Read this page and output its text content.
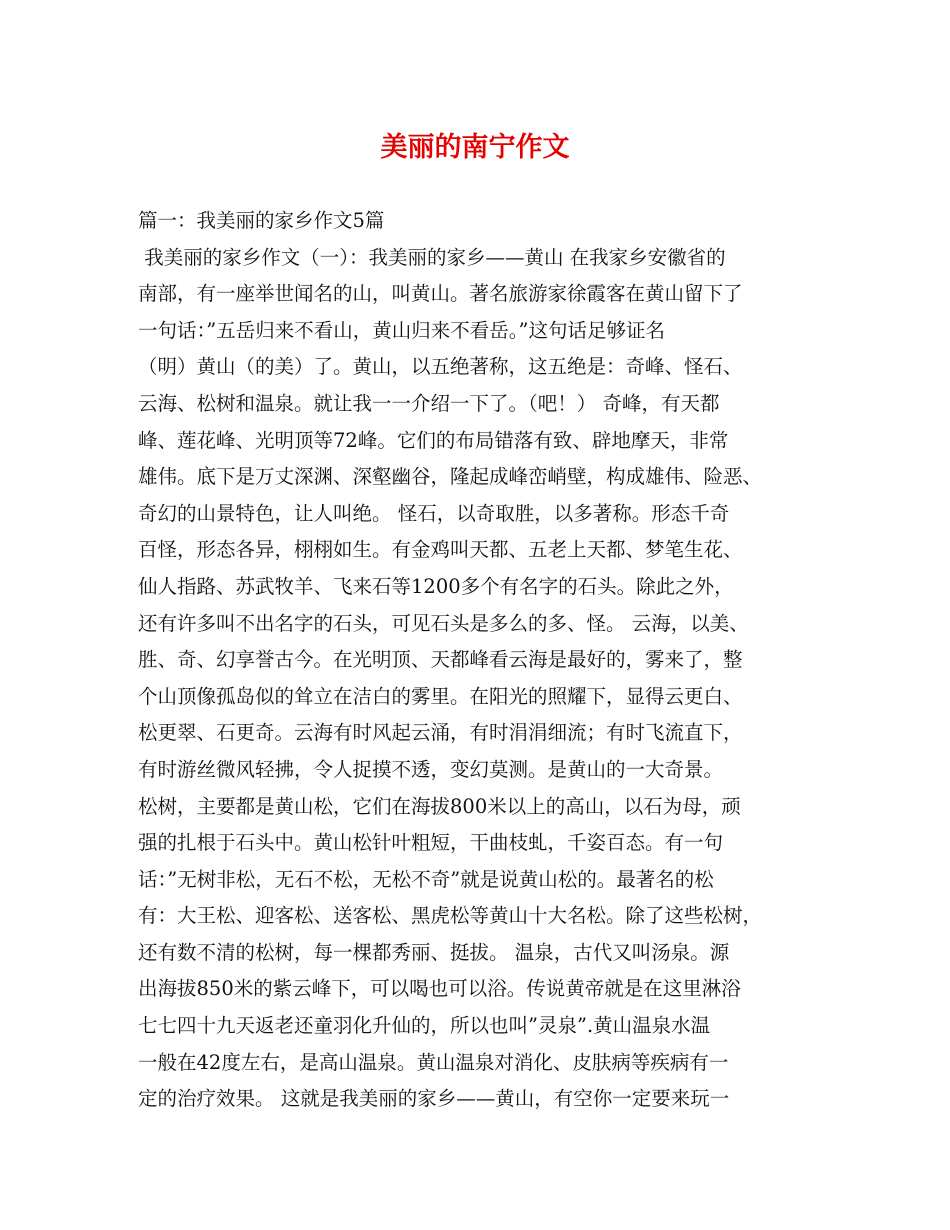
美丽的南宁作文
篇一：我美丽的家乡作文5篇
我美丽的家乡作文（一）：我美丽的家乡——黄山 在我家乡安徽省的
南部，有一座举世闻名的山，叫黄山。著名旅游家徐霞客在黄山留下了
一句话：”五岳归来不看山，黄山归来不看岳。”这句话足够证名
（明）黄山（的美）了。黄山，以五绝著称，这五绝是：奇峰、怪石、
云海、松树和温泉。就让我一一介绍一下了。（吧！） 奇峰，有天都
峰、莲花峰、光明顶等72峰。它们的布局错落有致、辟地摩天，非常
雄伟。底下是万丈深渊、深壑幽谷，隆起成峰峦峭壁，构成雄伟、险恶、
奇幻的山景特色，让人叫绝。 怪石，以奇取胜，以多著称。形态千奇
百怪，形态各异，栩栩如生。有金鸡叫天都、五老上天都、梦笔生花、
仙人指路、苏武牧羊、飞来石等1200多个有名字的石头。除此之外，
还有许多叫不出名字的石头，可见石头是多么的多、怪。 云海，以美、
胜、奇、幻享誉古今。在光明顶、天都峰看云海是最好的，雾来了，整
个山顶像孤岛似的耸立在洁白的雾里。在阳光的照耀下，显得云更白、
松更翠、石更奇。云海有时风起云涌，有时涓涓细流；有时飞流直下，
有时游丝微风轻拂，令人捉摸不透，变幻莫测。是黄山的一大奇景。
松树，主要都是黄山松，它们在海拔800米以上的高山，以石为母，顽
强的扎根于石头中。黄山松针叶粗短，干曲枝虬，千姿百态。有一句
话：”无树非松，无石不松，无松不奇”就是说黄山松的。最著名的松
有：大王松、迎客松、送客松、黑虎松等黄山十大名松。除了这些松树，
还有数不清的松树，每一棵都秀丽、挺拔。 温泉，古代又叫汤泉。源
出海拔850米的紫云峰下，可以喝也可以浴。传说黄帝就是在这里淋浴
七七四十九天返老还童羽化升仙的，所以也叫”灵泉”.黄山温泉水温
一般在42度左右，是高山温泉。黄山温泉对消化、皮肤病等疾病有一
定的治疗效果。 这就是我美丽的家乡——黄山，有空你一定要来玩一
